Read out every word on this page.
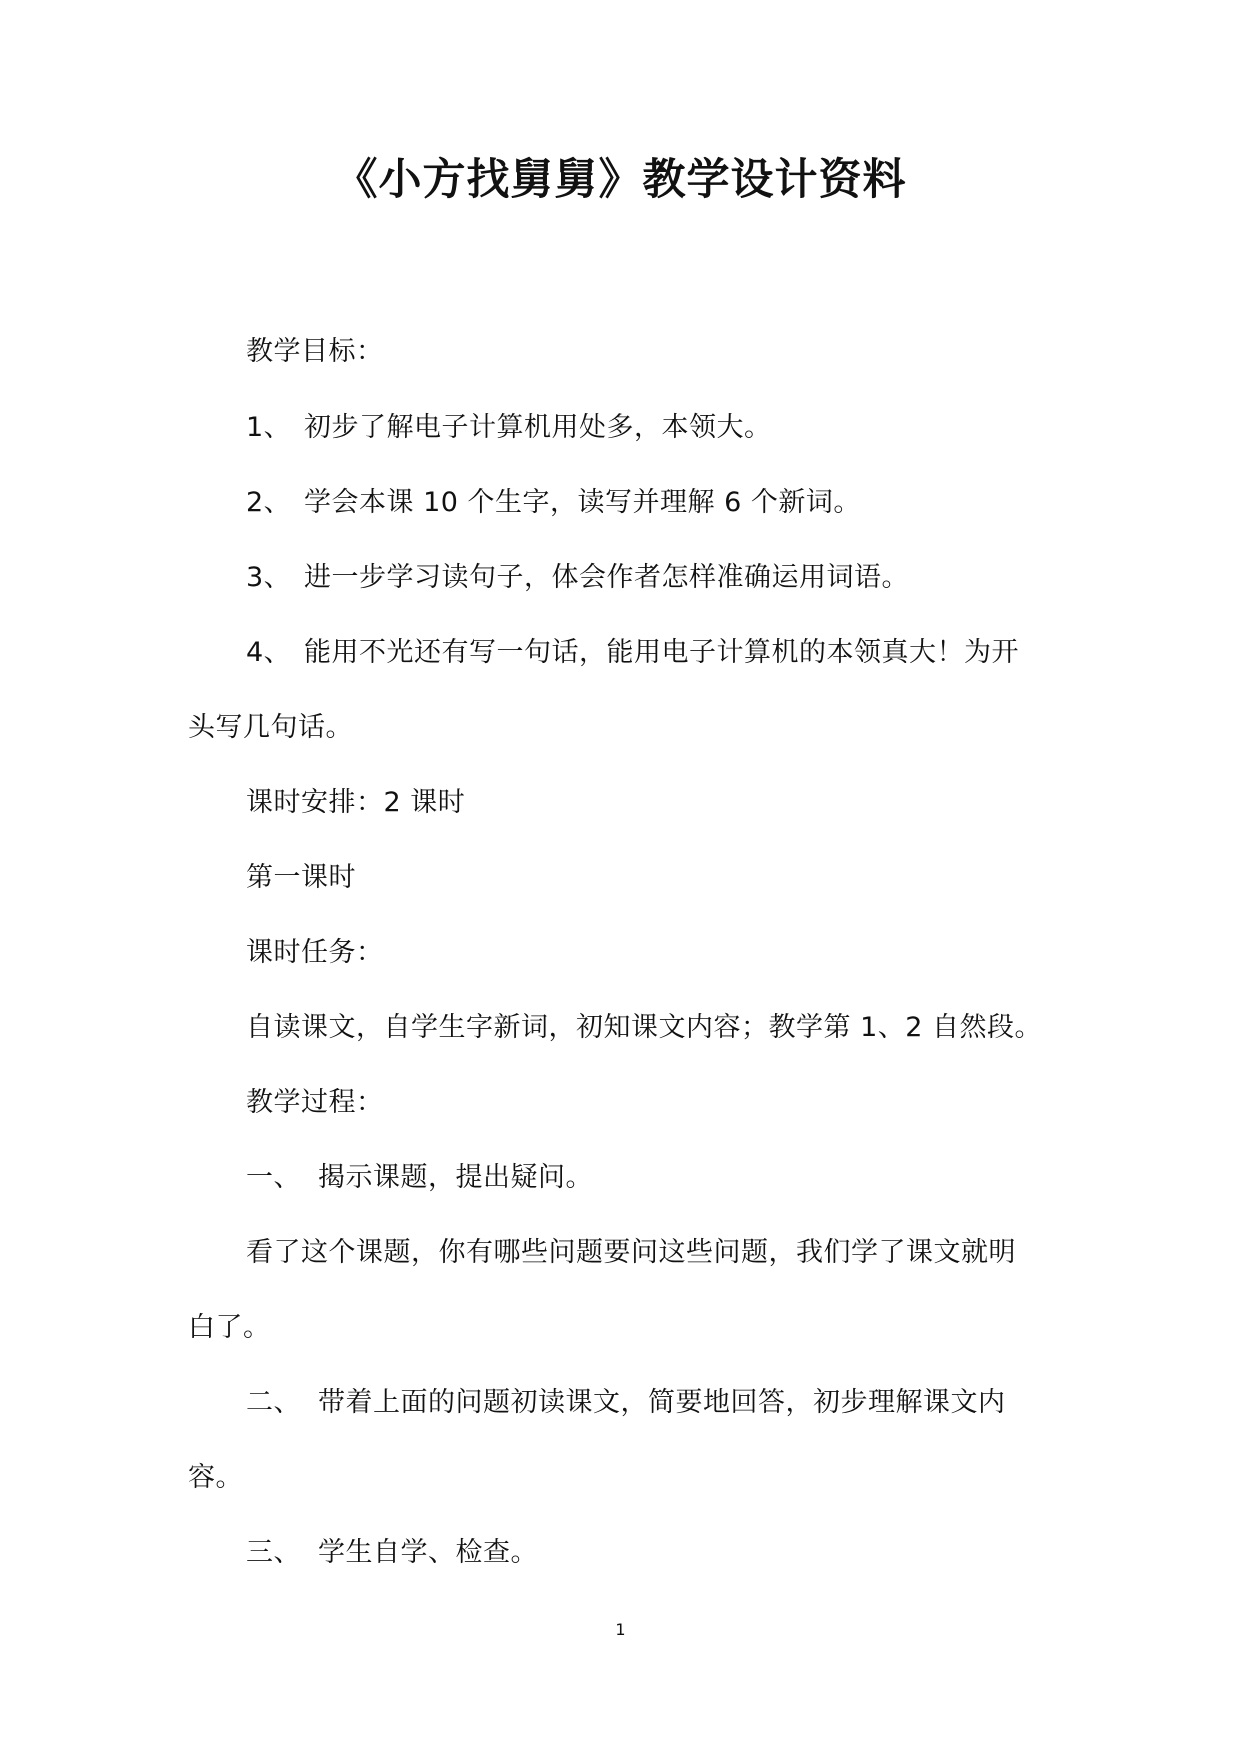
《小方找舅舅》教学设计资料
教学目标：
1、 初步了解电子计算机用处多，本领大。
2、 学会本课 10 个生字，读写并理解 6 个新词。
3、 进一步学习读句子，体会作者怎样准确运用词语。
4、 能用不光还有写一句话，能用电子计算机的本领真大！为开
头写几句话。
课时安排：2 课时
第一课时
课时任务：
自读课文，自学生字新词，初知课文内容；教学第 1、2 自然段。
教学过程：
一、 揭示课题，提出疑问。
看了这个课题，你有哪些问题要问这些问题，我们学了课文就明
白了。
二、 带着上面的问题初读课文，简要地回答，初步理解课文内
容。
三、 学生自学、检查。
1
